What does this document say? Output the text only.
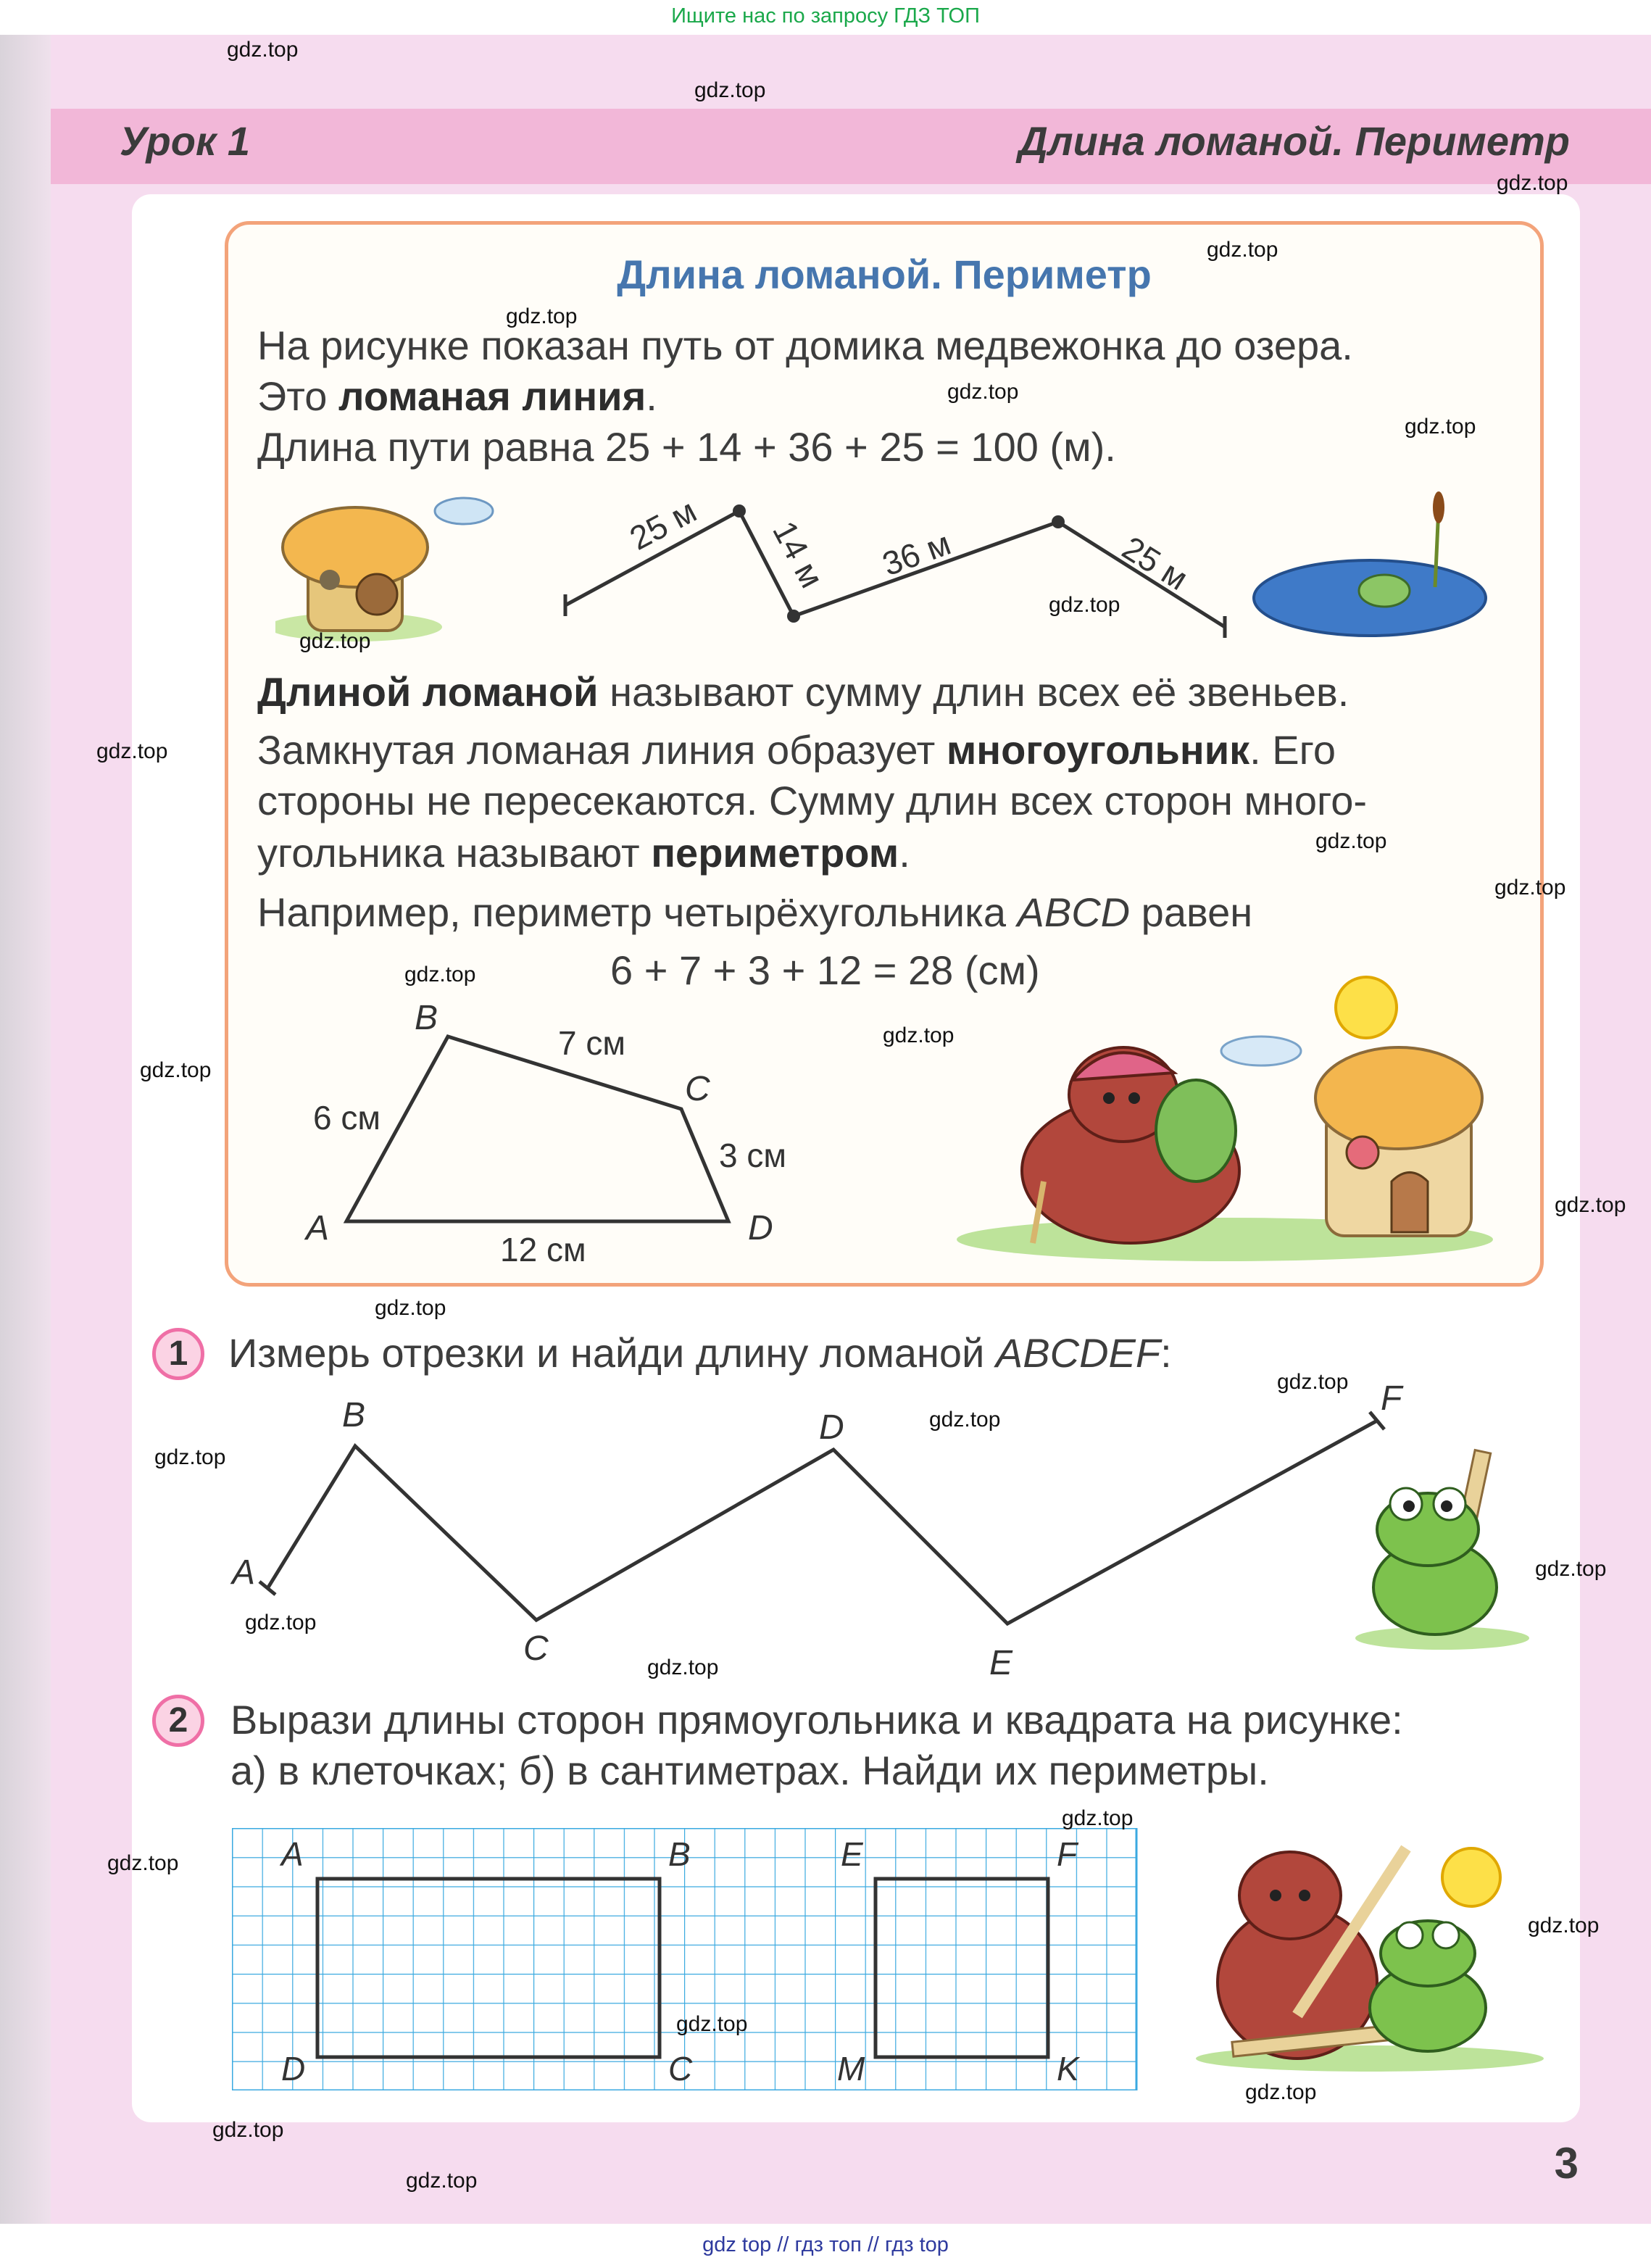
Ищите нас по запросу ГДЗ ТОП
Урок 1	Длина ломаной. Периметр
Длина ломаной. Периметр
На рисунке показан путь от домика медвежонка до озера.
Это ломаная линия.
Длина пути равна 25 + 14 + 36 + 25 = 100 (м).
25 м 14 м 36 м	25 м
Длиной ломаной называют сумму длин всех её звеньев.
Замкнутая ломаная линия образует многоугольник. Его
стороны не пересекаются. Сумму длин всех сторон много-
угольника называют периметром.
Например, периметр четырёхугольника ABCD равен
6 + 7 + 3 + 12 = 28 (см)
A
B
C
D
6 см
7 см
3 см
12 см
1 Измерь отрезки и найди длину ломаной ABCDEF:
A
B
C
D
E
F
2	Вырази длины сторон прямоугольника и квадрата на рисунке:
а) в клеточках; б) в сантиметрах. Найди их периметры.
A	B
C
D
E	F
K
M
3
gdz.top
gdz.top
gdz.top
gdz.top
gdz.top
gdz.top
gdz.top
gdz.top
gdz.top
gdz.top
gdz.top
gdz.top
gdz.top
gdz.top
gdz.top
gdz.top
gdz.top
gdz.top
gdz.top
gdz.top
gdz.top
gdz.top
gdz.top
gdz.top
gdz.top
gdz.top
gdz.top
gdz.top
gdz.top
gdz.top
gdz top // гдз топ // гдз top
